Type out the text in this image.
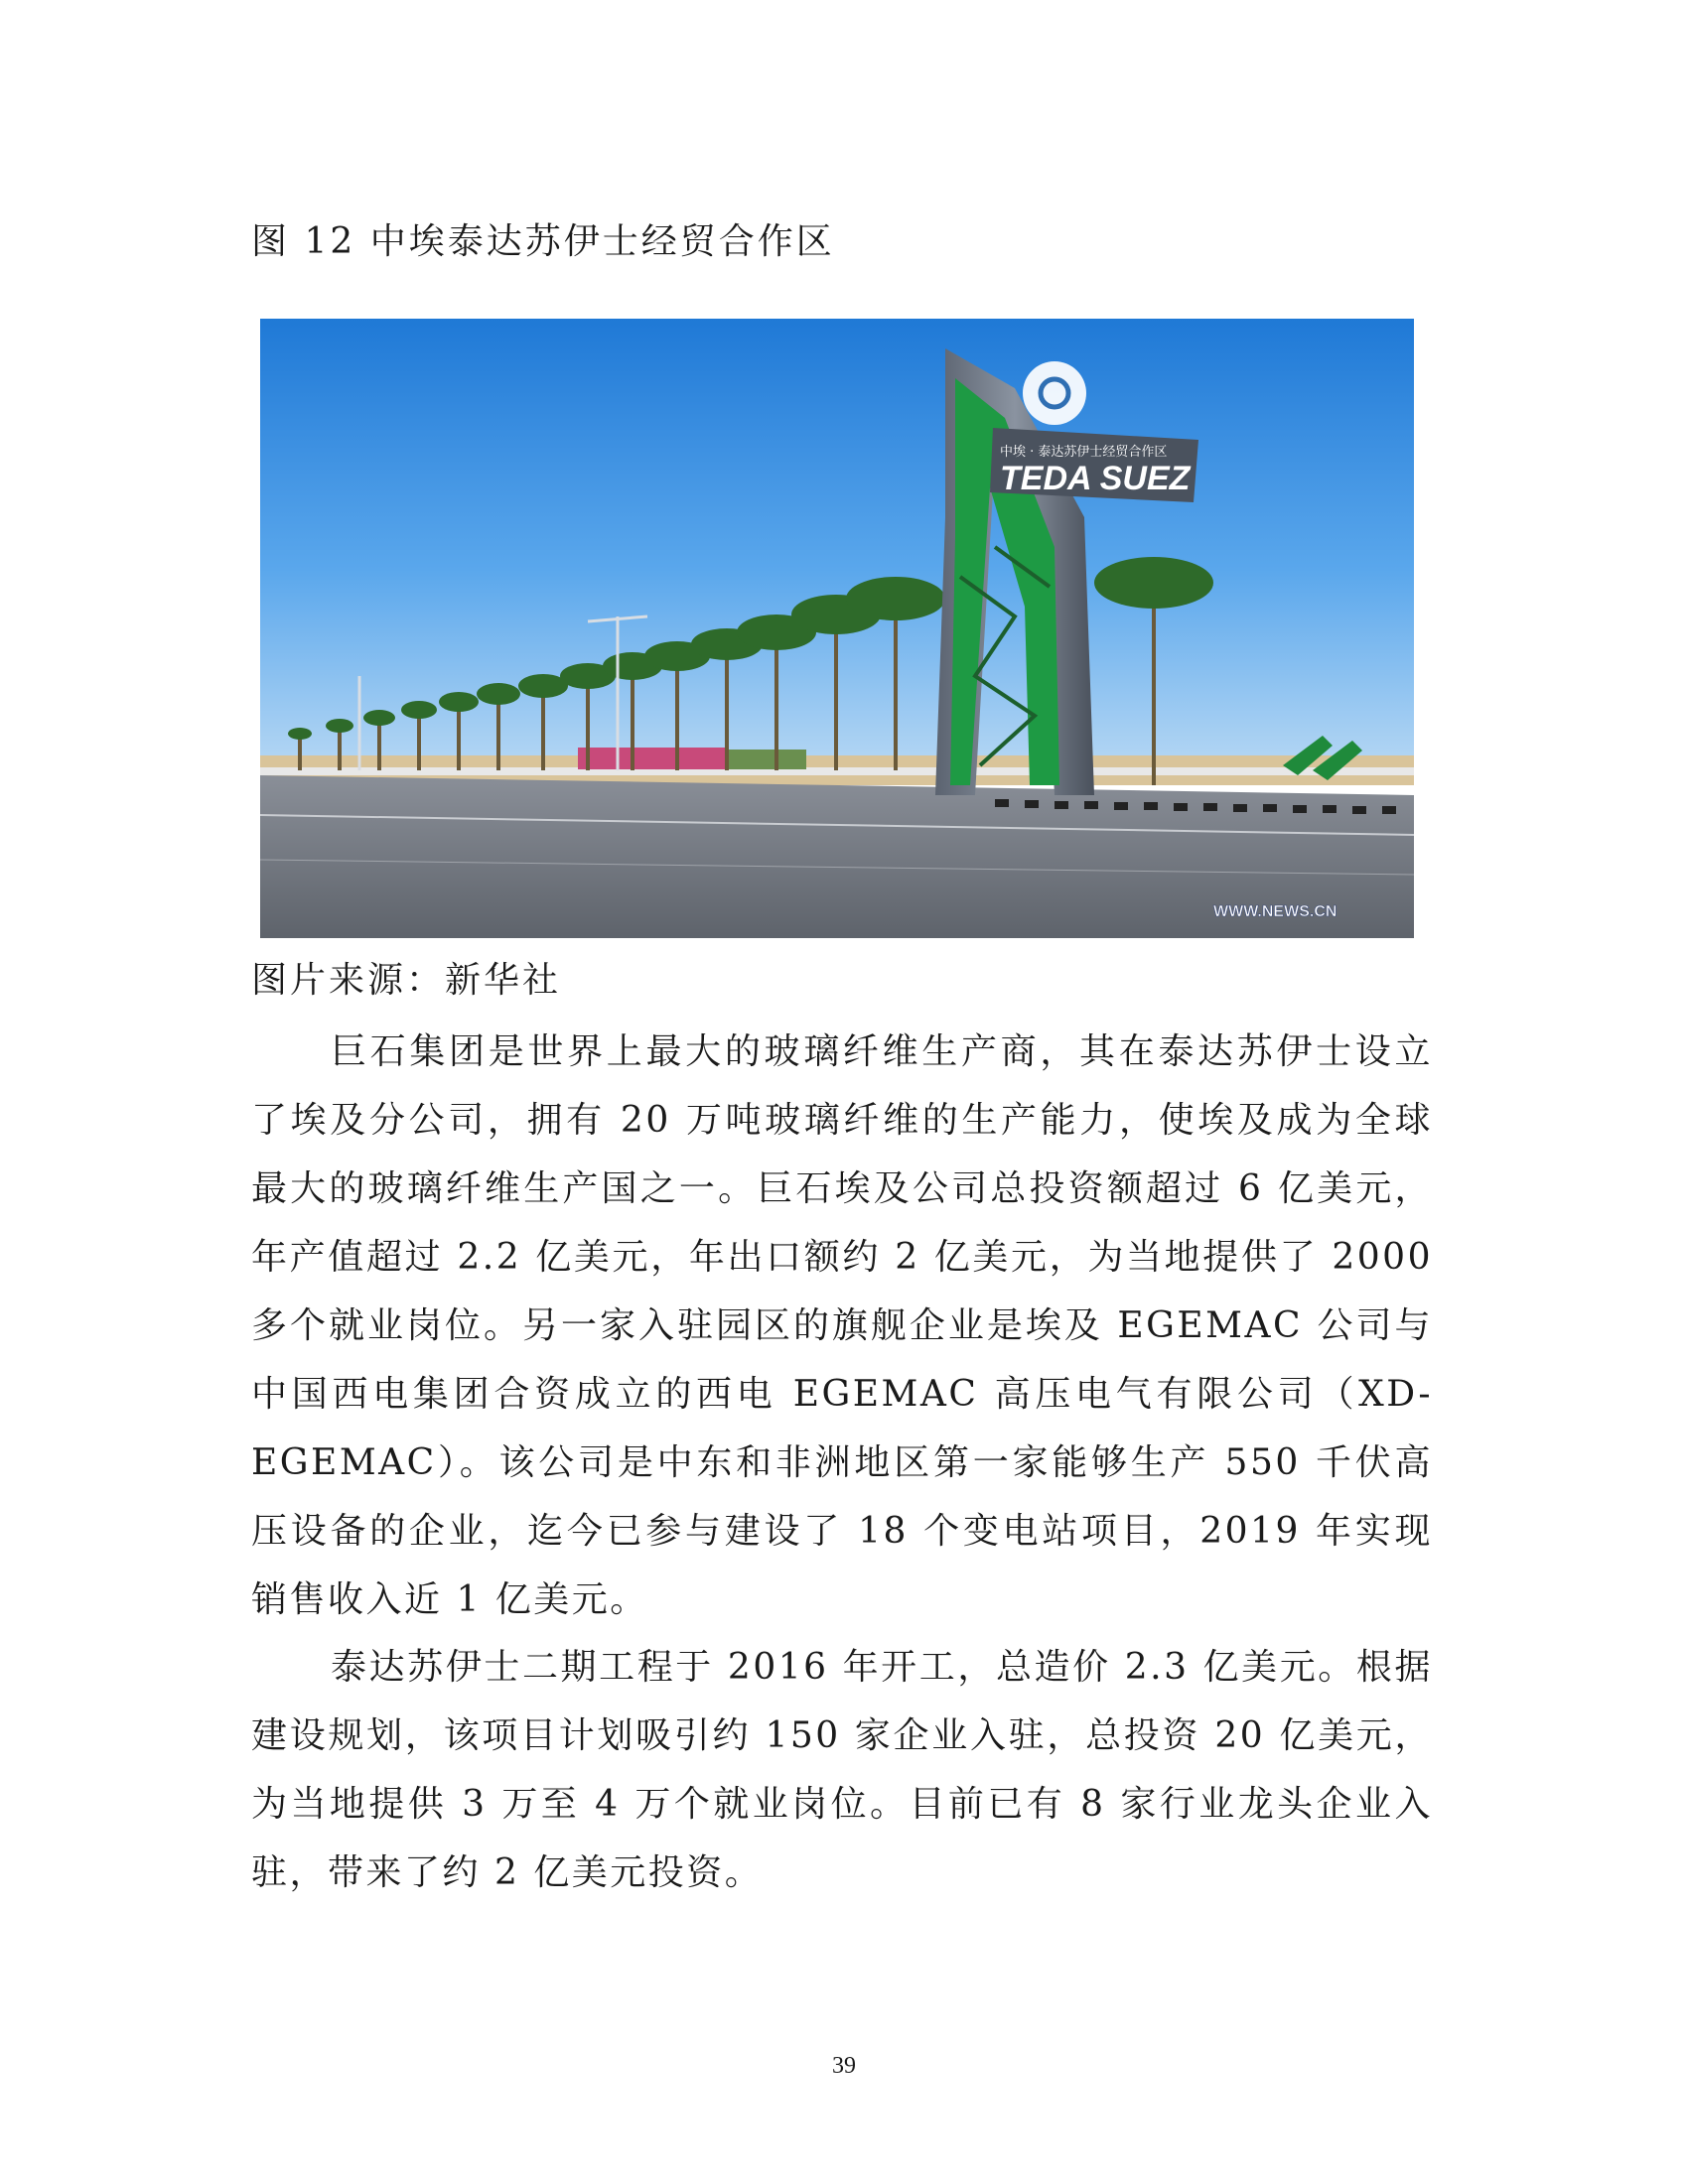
图 12 中埃泰达苏伊士经贸合作区
中埃 · 泰达苏伊士经贸合作区
TEDA SUEZ
WWW.NEWS.CN
图片来源：新华社

巨石集团是世界上最大的玻璃纤维生产商，其在泰达苏伊士设立了埃及分公司，拥有 20 万吨玻璃纤维的生产能力，使埃及成为全球最大的玻璃纤维生产国之一。巨石埃及公司总投资额超过 6 亿美元，年产值超过 2.2 亿美元，年出口额约 2 亿美元，为当地提供了 2000 多个就业岗位。另一家入驻园区的旗舰企业是埃及 EGEMAC 公司与中国西电集团合资成立的西电 EGEMAC 高压电气有限公司（XD-EGEMAC）。该公司是中东和非洲地区第一家能够生产 550 千伏高压设备的企业，迄今已参与建设了 18 个变电站项目，2019 年实现销售收入近 1 亿美元。

泰达苏伊士二期工程于 2016 年开工，总造价 2.3 亿美元。根据建设规划，该项目计划吸引约 150 家企业入驻，总投资 20 亿美元，为当地提供 3 万至 4 万个就业岗位。目前已有 8 家行业龙头企业入驻，带来了约 2 亿美元投资。

39
